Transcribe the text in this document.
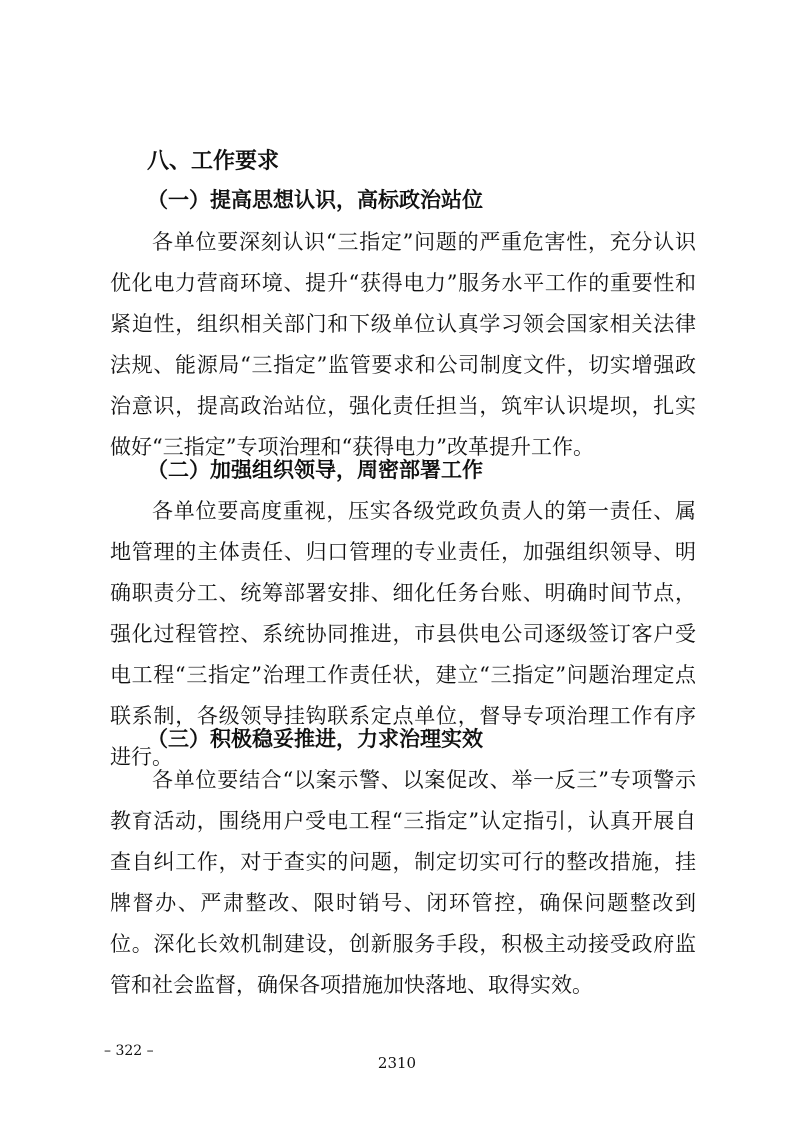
八、工作要求
（一）提高思想认识，高标政治站位
各单位要深刻认识“三指定”问题的严重危害性，充分认识优化电力营商环境、提升“获得电力”服务水平工作的重要性和紧迫性，组织相关部门和下级单位认真学习领会国家相关法律法规、能源局“三指定”监管要求和公司制度文件，切实增强政治意识，提高政治站位，强化责任担当，筑牢认识堤坝，扎实做好“三指定”专项治理和“获得电力”改革提升工作。
（二）加强组织领导，周密部署工作
各单位要高度重视，压实各级党政负责人的第一责任、属地管理的主体责任、归口管理的专业责任，加强组织领导、明确职责分工、统筹部署安排、细化任务台账、明确时间节点，强化过程管控、系统协同推进，市县供电公司逐级签订客户受电工程“三指定”治理工作责任状，建立“三指定”问题治理定点联系制，各级领导挂钩联系定点单位，督导专项治理工作有序进行。
（三）积极稳妥推进，力求治理实效
各单位要结合“以案示警、以案促改、举一反三”专项警示教育活动，围绕用户受电工程“三指定”认定指引，认真开展自查自纠工作，对于查实的问题，制定切实可行的整改措施，挂牌督办、严肃整改、限时销号、闭环管控，确保问题整改到位。深化长效机制建设，创新服务手段，积极主动接受政府监管和社会监督，确保各项措施加快落地、取得实效。
– 322 –
2310
